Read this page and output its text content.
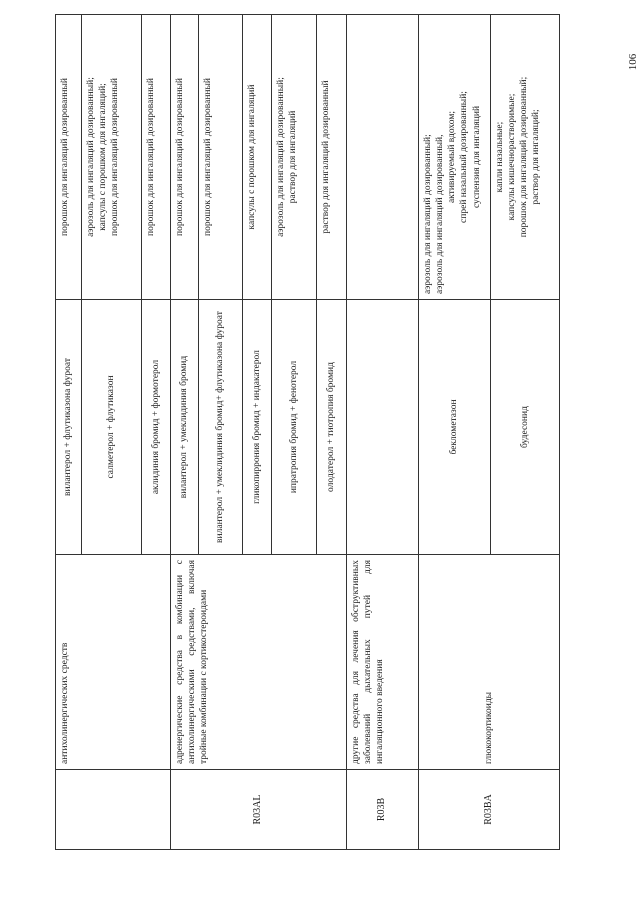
106
	антихолинергических средств	вилантерол + флутиказона фуроат	порошок для ингаляций дозированный

		салметерол + флутиказон	аэрозоль для ингаляций дозированный; капсулы с порошком для ингаляций; порошок для ингаляций дозированный

		аклидиния бромид + формотерол	порошок для ингаляций дозированный

R03AL	адренергические средства в комбинации с антихолинергическими средствами, включая тройные комбинации с кортикостероидами	вилантерол + умеклидиния бромид	порошок для ингаляций дозированный

		вилантерол + умеклидиния бромид+ флутиказона фуроат	порошок для ингаляций дозированный

		гликопиррония бромид + индакатерол	капсулы с порошком для ингаляций

		ипратропия бромид + фенотерол	аэрозоль для ингаляций дозированный; раствор для ингаляций

		олодатерол + тиотропия бромид	раствор для ингаляций дозированный

R03B	другие средства для лечения обструктивных заболеваний дыхательных путей для ингаляционного введения		
R03BA	глюкокортикоиды	беклометазон	аэрозоль для ингаляций дозированный; аэрозоль для ингаляций дозированный, активируемый вдохом; спрей назальный дозированный; суспензия для ингаляций

		будесонид	капли назальные; капсулы кишечнорастворимые; порошок для ингаляций дозированный; раствор для ингаляций;
